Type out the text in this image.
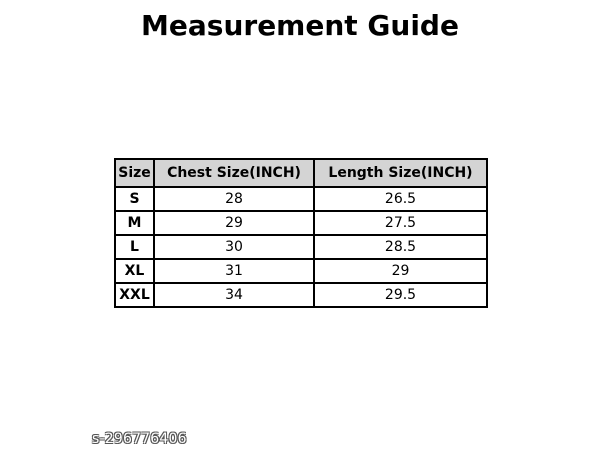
Measurement Guide
Size	Chest Size(INCH)	Length Size(INCH)
S	28	26.5
M	29	27.5
L	30	28.5
XL	31	29
XXL	34	29.5
s-296776406
